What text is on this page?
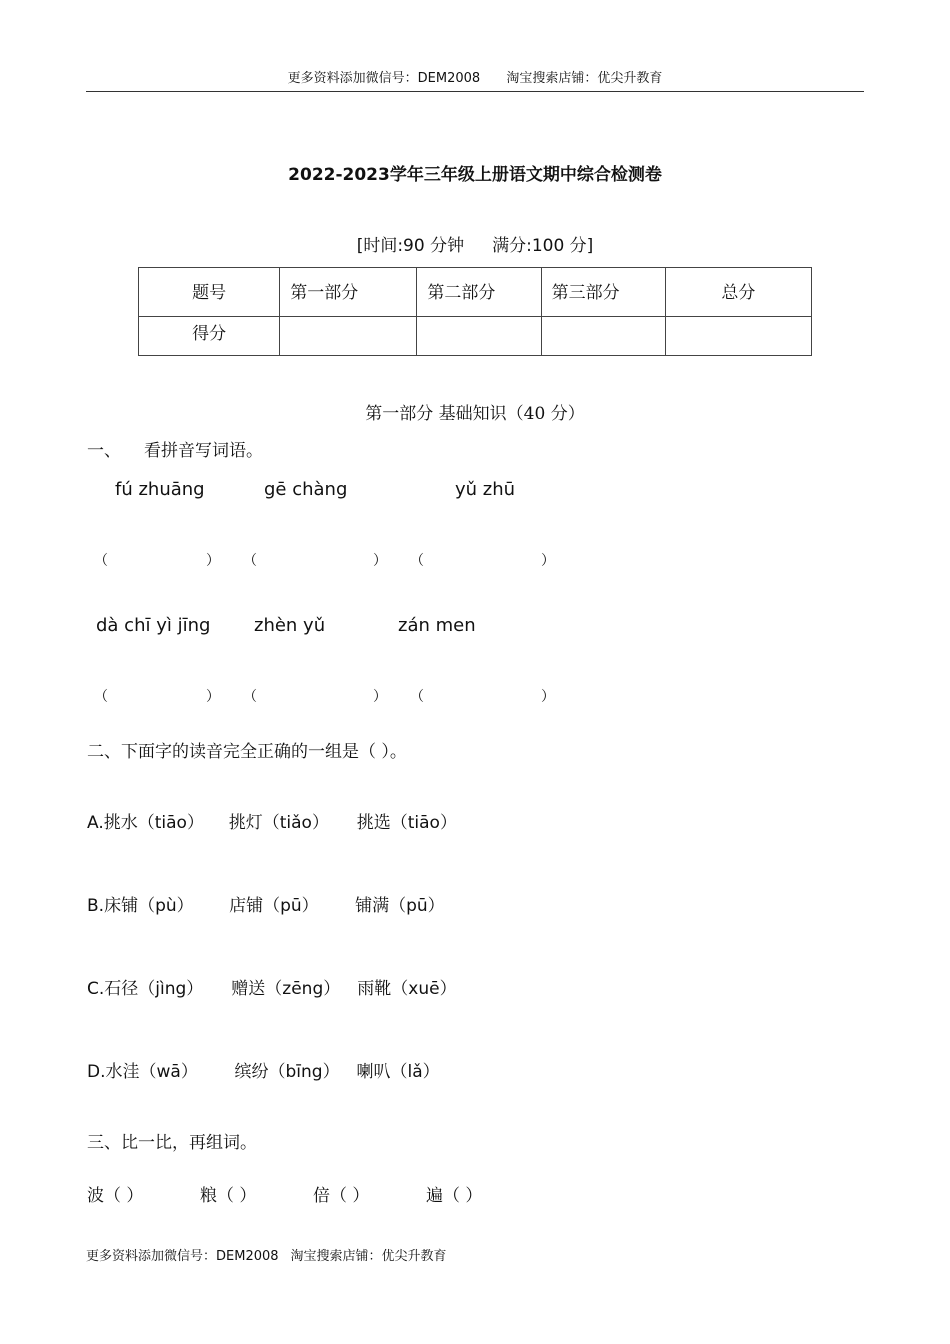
更多资料添加微信号：DEM2008 淘宝搜索店铺：优尖升教育
2022-2023学年三年级上册语文期中综合检测卷
[时间:90 分钟 满分:100 分]
题号	第一部分	第二部分	第三部分	总分
得分				
第一部分 基础知识（40 分）
一、 看拼音写词语。
fú zhuāng	gē chàng	yǔ zhū
（	） （	） （	）
dà chī yì jīng zhèn yǔ	zán men
（	） （	） （	）
二、下面字的读音完全正确的一组是（ ）。
A.挑水（tiāo） 挑灯（tiǎo） 挑选（tiāo）
B.床铺（pù） 店铺（pū） 铺满（pū）
C.石径（jìng） 赠送（zēng） 雨靴（xuē）
D.水洼（wā） 缤纷（bīng） 喇叭（lǎ）
三、比一比，再组词。
波（ ）	粮（ ）	倍（ ）	遍（ ）
更多资料添加微信号：DEM2008 淘宝搜索店铺：优尖升教育
